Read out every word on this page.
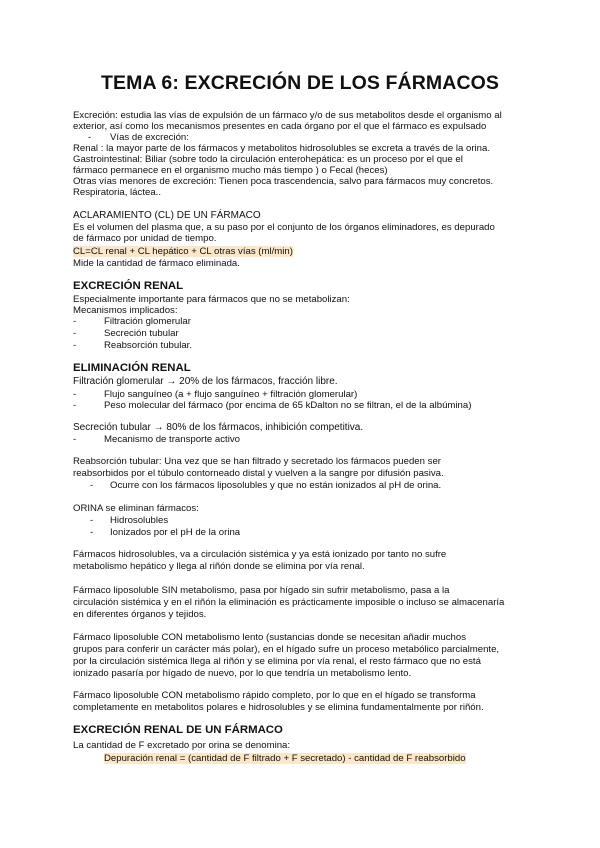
TEMA 6: EXCRECIÓN DE LOS FÁRMACOS
Excreción: estudia las vías de expulsión de un fármaco y/o de sus metabolitos desde el organismo al
exterior, así como los mecanismos presentes en cada órgano por el que el fármaco es expulsado
- Vías de excreción:
Renal : la mayor parte de los fármacos y metabolitos hidrosolubles se excreta a través de la orina.
Gastrointestinal: Biliar (sobre todo la circulación enterohepática: es un proceso por el que el
fármaco permanece en el organismo mucho más tiempo ) o Fecal (heces)
Otras vías menores de excreción: Tienen poca trascendencia, salvo para fármacos muy concretos.
Respiratoria, láctea..
ACLARAMIENTO (CL) DE UN FÁRMACO
Es el volumen del plasma que, a su paso por el conjunto de los órganos eliminadores, es depurado
de fármaco por unidad de tiempo.
CL=CL renal + CL hepático + CL otras vías (ml/min)
Mide la cantidad de fármaco eliminada.
EXCRECIÓN RENAL
Especialmente importante para fármacos que no se metabolizan:
Mecanismos implicados:
-	Filtración glomerular
-	Secreción tubular
-	Reabsorción tubular.
ELIMINACIÓN RENAL
Filtración glomerular → 20% de los fármacos, fracción libre.
-	Flujo sanguíneo (a + flujo sanguíneo + filtración glomerular)
-	Peso molecular del fármaco (por encima de 65 kDalton no se filtran, el de la albúmina)
Secreción tubular → 80% de los fármacos, inhibición competitiva.
-	Mecanismo de transporte activo
Reabsorción tubular: Una vez que se han filtrado y secretado los fármacos pueden ser
reabsorbidos por el túbulo contorneado distal y vuelven a la sangre por difusión pasiva.
- Ocurre con los fármacos liposolubles y que no están ionizados al pH de orina.
ORINA se eliminan fármacos:
- Hidrosolubles
- Ionizados por el pH de la orina
Fármacos hidrosolubles, va a circulación sistémica y ya está ionizado por tanto no sufre
metabolismo hepático y llega al riñón donde se elimina por vía renal.
Fármaco liposoluble SIN metabolismo, pasa por hígado sin sufrir metabolismo, pasa a la
circulación sistémica y en el riñón la eliminación es prácticamente imposible o incluso se almacenaría
en diferentes órganos y tejidos.
Fármaco liposoluble CON metabolismo lento (sustancias donde se necesitan añadir muchos
grupos para conferir un carácter más polar), en el hígado sufre un proceso metabólico parcialmente,
por la circulación sistémica llega al riñón y se elimina por vía renal, el resto fármaco que no está
ionizado pasaría por hígado de nuevo, por lo que tendría un metabolismo lento.
Fármaco liposoluble CON metabolismo rápido completo, por lo que en el hígado se transforma
completamente en metabolitos polares e hidrosolubles y se elimina fundamentalmente por riñón.
EXCRECIÓN RENAL DE UN FÁRMACO
La cantidad de F excretado por orina se denomina:
Depuración renal = (cantidad de F filtrado + F secretado) - cantidad de F reabsorbido
